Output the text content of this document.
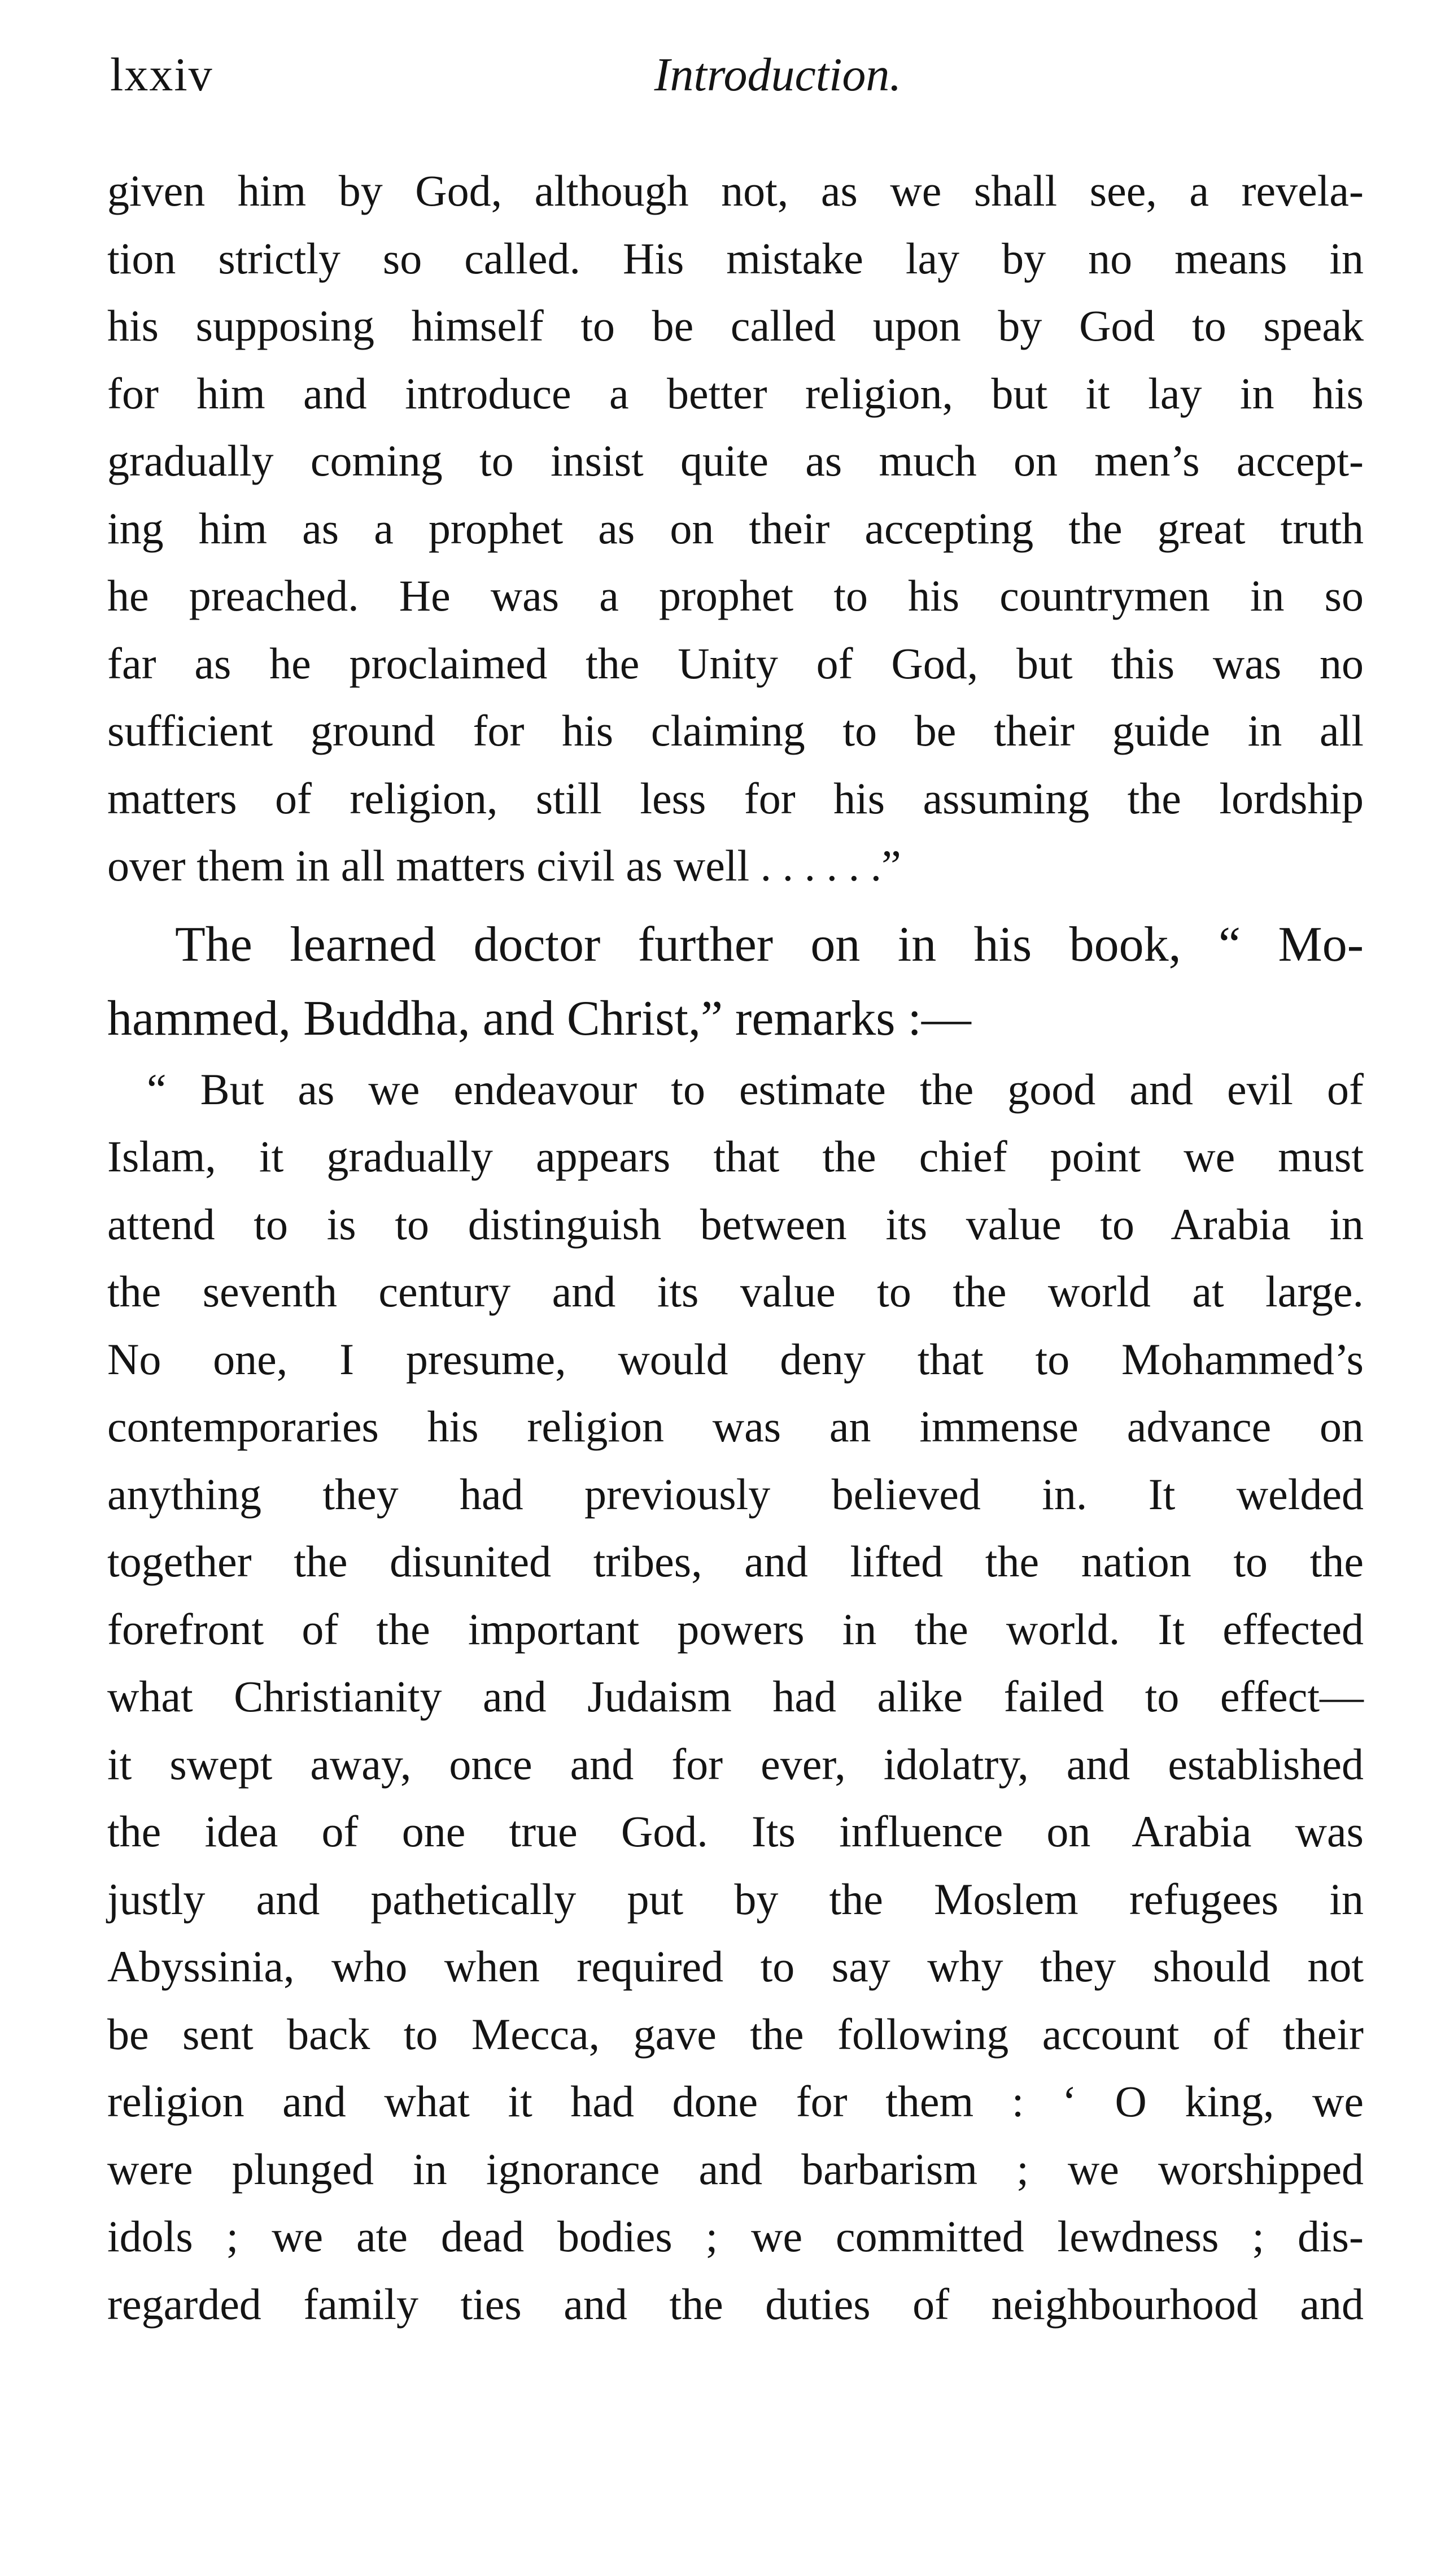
lxxiv	Introduction.
given him by God, although not, as we shall see, a revela-
tion strictly so called. His mistake lay by no means in
his supposing himself to be called upon by God to speak
for him and introduce a better religion, but it lay in his
gradually coming to insist quite as much on men’s accept-
ing him as a prophet as on their accepting the great truth
he preached. He was a prophet to his countrymen in so
far as he proclaimed the Unity of God, but this was no
sufficient ground for his claiming to be their guide in all
matters of religion, still less for his assuming the lordship
over them in all matters civil as well . . . . . .”
The learned doctor further on in his book, “ Mo-
hammed, Buddha, and Christ,” remarks :—
“ But as we endeavour to estimate the good and evil of
Islam, it gradually appears that the chief point we must
attend to is to distinguish between its value to Arabia in
the seventh century and its value to the world at large.
No one, I presume, would deny that to Mohammed’s
contemporaries his religion was an immense advance on
anything they had previously believed in. It welded
together the disunited tribes, and lifted the nation to the
forefront of the important powers in the world. It effected
what Christianity and Judaism had alike failed to effect—
it swept away, once and for ever, idolatry, and established
the idea of one true God. Its influence on Arabia was
justly and pathetically put by the Moslem refugees in
Abyssinia, who when required to say why they should not
be sent back to Mecca, gave the following account of their
religion and what it had done for them : ‘ O king, we
were plunged in ignorance and barbarism ; we worshipped
idols ; we ate dead bodies ; we committed lewdness ; dis-
regarded family ties and the duties of neighbourhood and
